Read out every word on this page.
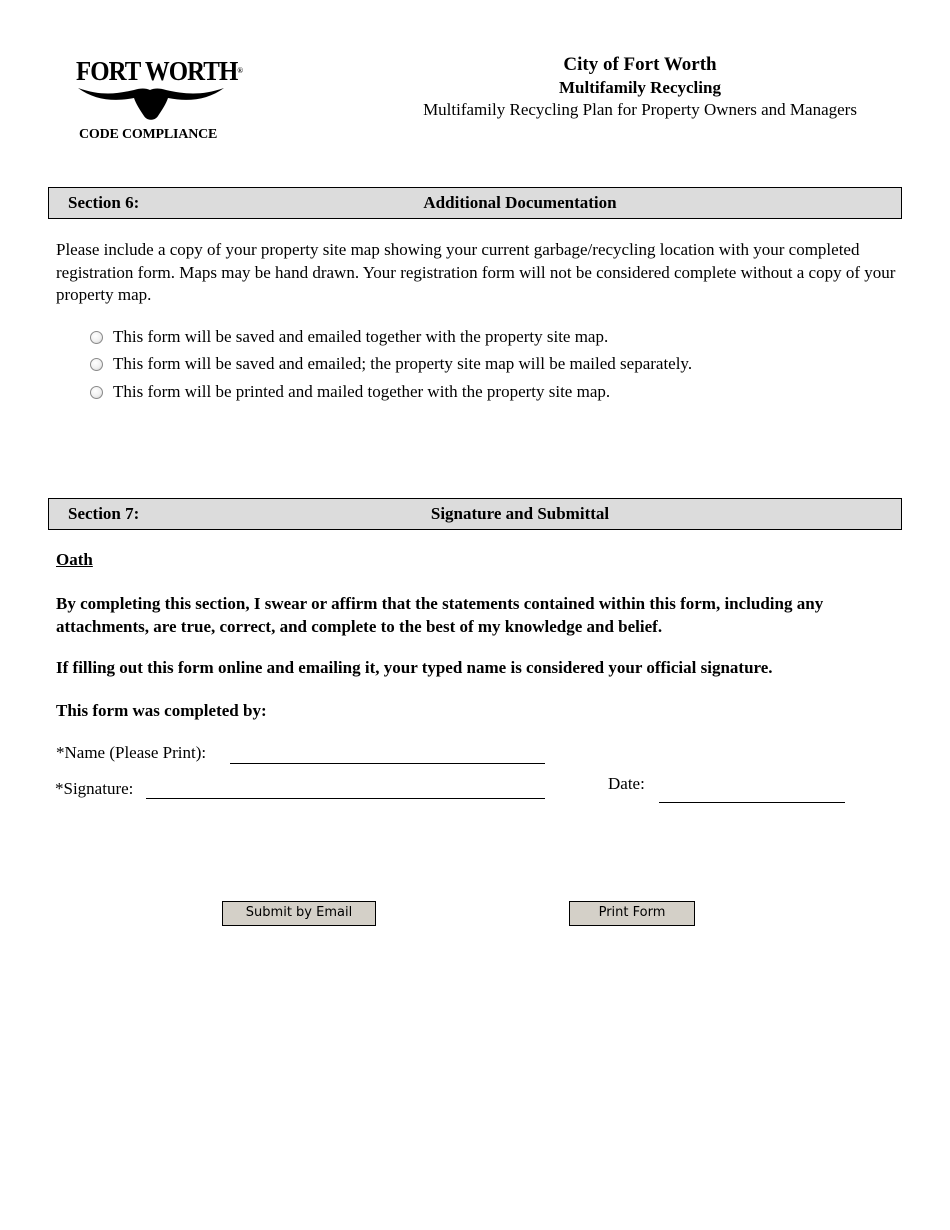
FORT WORTH®
CODE COMPLIANCE
City of Fort Worth
Multifamily Recycling
Multifamily Recycling Plan for Property Owners and Managers
Section 6:	Additional Documentation
Please include a copy of your property site map showing your current garbage/recycling location with your completed registration form. Maps may be hand drawn. Your registration form will not be considered complete without a copy of your property map.
This form will be saved and emailed together with the property site map.
This form will be saved and emailed; the property site map will be mailed separately.
This form will be printed and mailed together with the property site map.
Section 7:	Signature and Submittal
Oath
By completing this section, I swear or affirm that the statements contained within this form, including any attachments, are true, correct, and complete to the best of my knowledge and belief.
If filling out this form online and emailing it, your typed name is considered your official signature.
This form was completed by:
*Name (Please Print):
*Signature:	Date:
Submit by Email	Print Form
